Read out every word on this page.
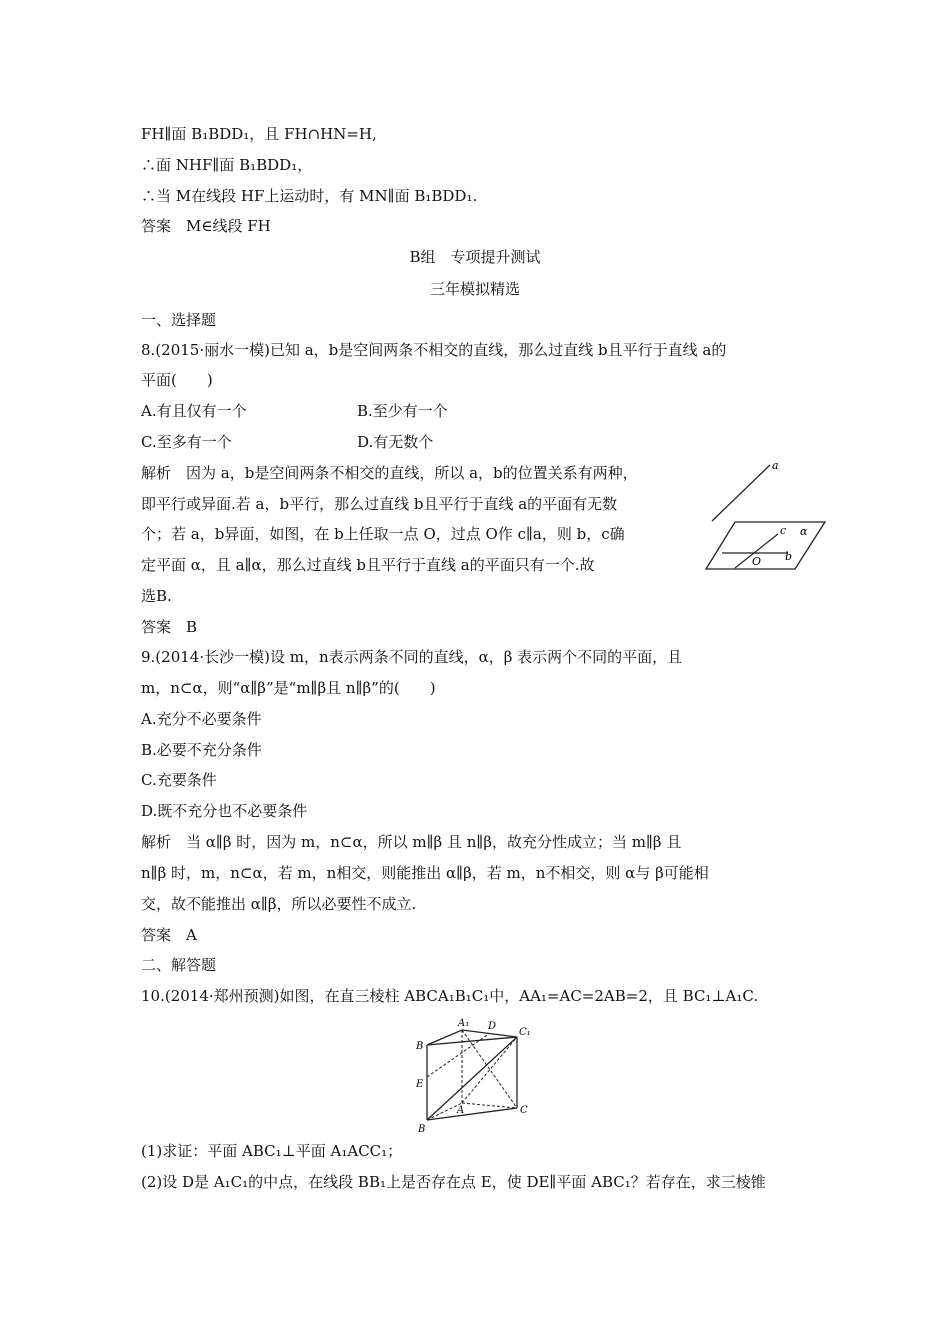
FH∥面 B₁BDD₁，且 FH∩HN=H,
∴面 NHF∥面 B₁BDD₁，
∴当 M在线段 HF上运动时，有 MN∥面 B₁BDD₁.
答案　M∈线段 FH
B组　专项提升测试
三年模拟精选
一、选择题
8.(2015·丽水一模)已知 a，b是空间两条不相交的直线，那么过直线 b且平行于直线 a的
平面(　　)
A.有且仅有一个	B.至少有一个
C.至多有一个	D.有无数个
解析　因为 a，b是空间两条不相交的直线，所以 a，b的位置关系有两种，
即平行或异面.若 a，b平行，那么过直线 b且平行于直线 a的平面有无数
个；若 a，b异面，如图，在 b上任取一点 O，过点 O作 c∥a，则 b，c确
定平面 α，且 a∥α，那么过直线 b且平行于直线 a的平面只有一个.故
选B.
答案　B
a
c α
b
O
9.(2014·长沙一模)设 m，n表示两条不同的直线，α，β 表示两个不同的平面，且
m，n⊂α，则“α∥β”是“m∥β且 n∥β”的(　　)
A.充分不必要条件
B.必要不充分条件
C.充要条件
D.既不充分也不必要条件
解析　当 α∥β 时，因为 m，n⊂α，所以 m∥β 且 n∥β，故充分性成立；当 m∥β 且
n∥β 时，m，n⊂α，若 m，n相交，则能推出 α∥β，若 m，n不相交，则 α与 β可能相
交，故不能推出 α∥β，所以必要性不成立.
答案　A
二、解答题
10.(2014·郑州预测)如图，在直三棱柱 ABCA₁B₁C₁中，AA₁=AC=2AB=2，且 BC₁⊥A₁C.
A₁ D
C₁
B
E
A	C
B
(1)求证：平面 ABC₁⊥平面 A₁ACC₁；
(2)设 D是 A₁C₁的中点，在线段 BB₁上是否存在点 E，使 DE∥平面 ABC₁？若存在，求三棱锥
